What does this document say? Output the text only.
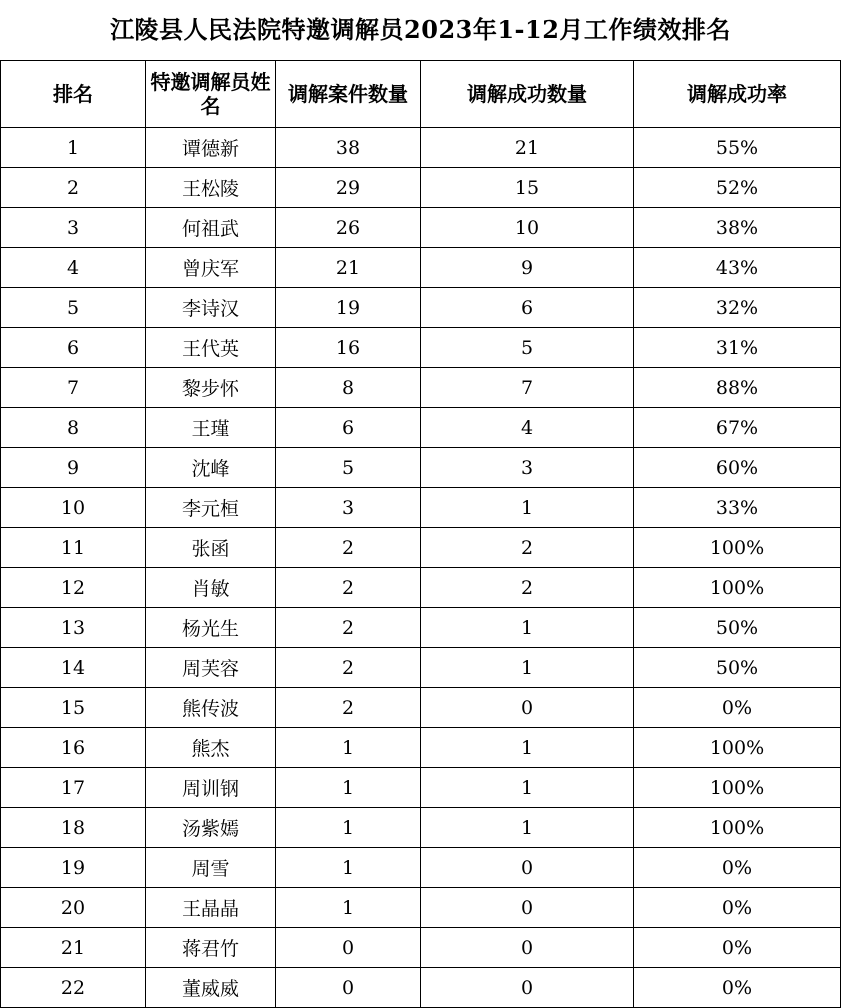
江陵县人民法院特邀调解员2023年1-12月工作绩效排名
排名	特邀调解员姓名	调解案件数量	调解成功数量	调解成功率
1	谭德新	38	21	55%
2	王松陵	29	15	52%
3	何祖武	26	10	38%
4	曾庆军	21	9	43%
5	李诗汉	19	6	32%
6	王代英	16	5	31%
7	黎步怀	8	7	88%
8	王瑾	6	4	67%
9	沈峰	5	3	60%
10	李元桓	3	1	33%
11	张函	2	2	100%
12	肖敏	2	2	100%
13	杨光生	2	1	50%
14	周芙容	2	1	50%
15	熊传波	2	0	0%
16	熊杰	1	1	100%
17	周训钢	1	1	100%
18	汤紫嫣	1	1	100%
19	周雪	1	0	0%
20	王晶晶	1	0	0%
21	蒋君竹	0	0	0%
22	董威威	0	0	0%
